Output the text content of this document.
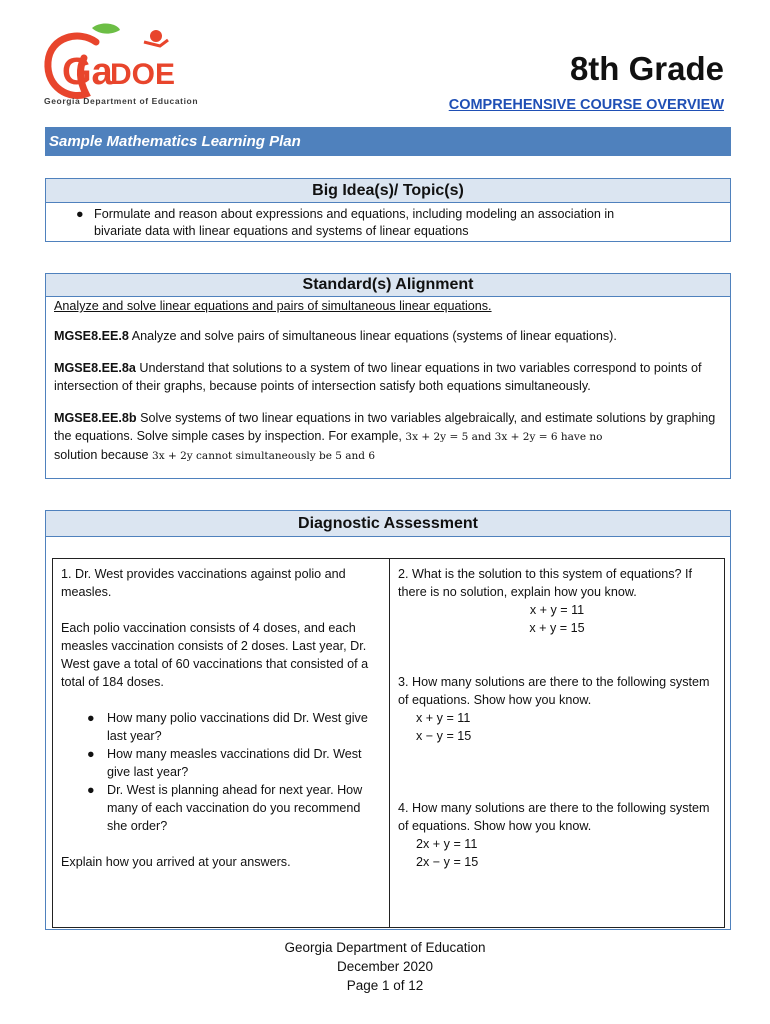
Ga
DOE
Georgia Department of Education
8th Grade
COMPREHENSIVE COURSE OVERVIEW
Sample Mathematics Learning Plan
Big Idea(s)/ Topic(s)
● Formulate and reason about expressions and equations, including modeling an association in
bivariate data with linear equations and systems of linear equations
Standard(s) Alignment

Analyze and solve linear equations and pairs of simultaneous linear equations.

MGSE8.EE.8 Analyze and solve pairs of simultaneous linear equations (systems of linear equations).

MGSE8.EE.8a Understand that solutions to a system of two linear equations in two variables correspond to points of intersection of their graphs, because points of intersection satisfy both equations simultaneously.

MGSE8.EE.8b Solve systems of two linear equations in two variables algebraically, and estimate solutions by graphing the equations. Solve simple cases by inspection. For example, 3x + 2y = 5 and 3x + 2y = 6 have no
solution because 3x + 2y cannot simultaneously be 5 and 6

Diagnostic Assessment

1. Dr. West provides vaccinations against polio and measles.

Each polio vaccination consists of 4 doses, and each measles vaccination consists of 2 doses. Last year, Dr. West gave a total of 60 vaccinations that consisted of a total of 184 doses.

● How many polio vaccinations did Dr. West give last year?
● How many measles vaccinations did Dr. West give last year?
● Dr. West is planning ahead for next year. How many of each vaccination do you recommend she order?

Explain how you arrived at your answers.

2. What is the solution to this system of equations? If there is no solution, explain how you know.

x + y = 11

x + y = 15

3. How many solutions are there to the following system of equations. Show how you know.

x + y = 11

x − y = 15

4. How many solutions are there to the following system of equations. Show how you know.

2x + y = 11

2x − y = 15

Georgia Department of Education
December 2020
Page 1 of 12
